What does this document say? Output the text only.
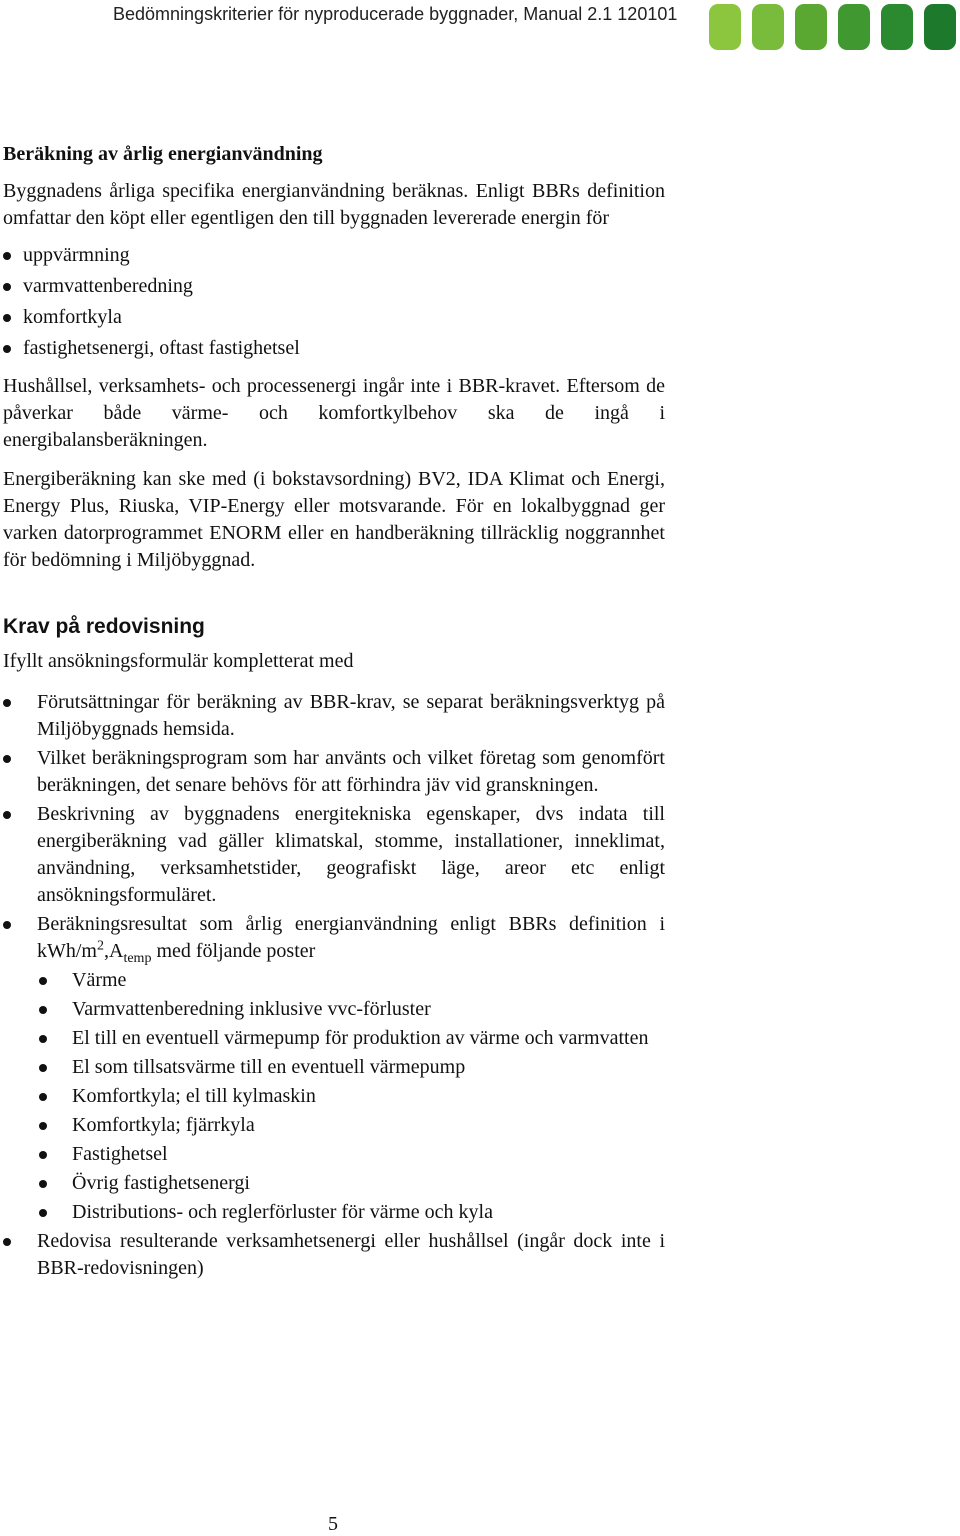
Bedömningskriterier för nyproducerade byggnader, Manual 2.1 120101
Beräkning av årlig energianvändning

Byggnadens årliga specifika energianvändning beräknas. Enligt BBRs definition omfattar den köpt eller egentligen den till byggnaden levererade energin för

uppvärmning
varmvattenberedning
komfortkyla
fastighetsenergi, oftast fastighetsel

Hushållsel, verksamhets- och processenergi ingår inte i BBR-kravet. Eftersom de påverkar både värme- och komfortkylbehov ska de ingå i energibalansberäkningen.

Energiberäkning kan ske med (i bokstavsordning) BV2, IDA Klimat och Energi, Energy Plus, Riuska, VIP-Energy eller motsvarande. För en lokalbyggnad ger varken datorprogrammet ENORM eller en handberäkning tillräcklig noggrannhet för bedömning i Miljöbyggnad.

Krav på redovisning

Ifyllt ansökningsformulär kompletterat med

Förutsättningar för beräkning av BBR-krav, se separat beräkningsverktyg på Miljöbyggnads hemsida.
Vilket beräkningsprogram som har använts och vilket företag som genomfört beräkningen, det senare behövs för att förhindra jäv vid granskningen.
Beskrivning av byggnadens energitekniska egenskaper, dvs indata till energiberäkning vad gäller klimatskal, stomme, installationer, inneklimat, användning, verksamhetstider, geografiskt läge, areor etc enligt ansökningsformuläret.
Beräkningsresultat som årlig energianvändning enligt BBRs definition i kWh/$m^2,A_{temp}$ med följande poster
Värme
Varmvattenberedning inklusive vvc-förluster
El till en eventuell värmepump för produktion av värme och varmvatten
El som tillsatsvärme till en eventuell värmepump
Komfortkyla; el till kylmaskin
Komfortkyla; fjärrkyla
Fastighetsel
Övrig fastighetsenergi
Distributions- och reglerförluster för värme och kyla
Redovisa resulterande verksamhetsenergi eller hushållsel (ingår dock inte i BBR-redovisningen)
5
